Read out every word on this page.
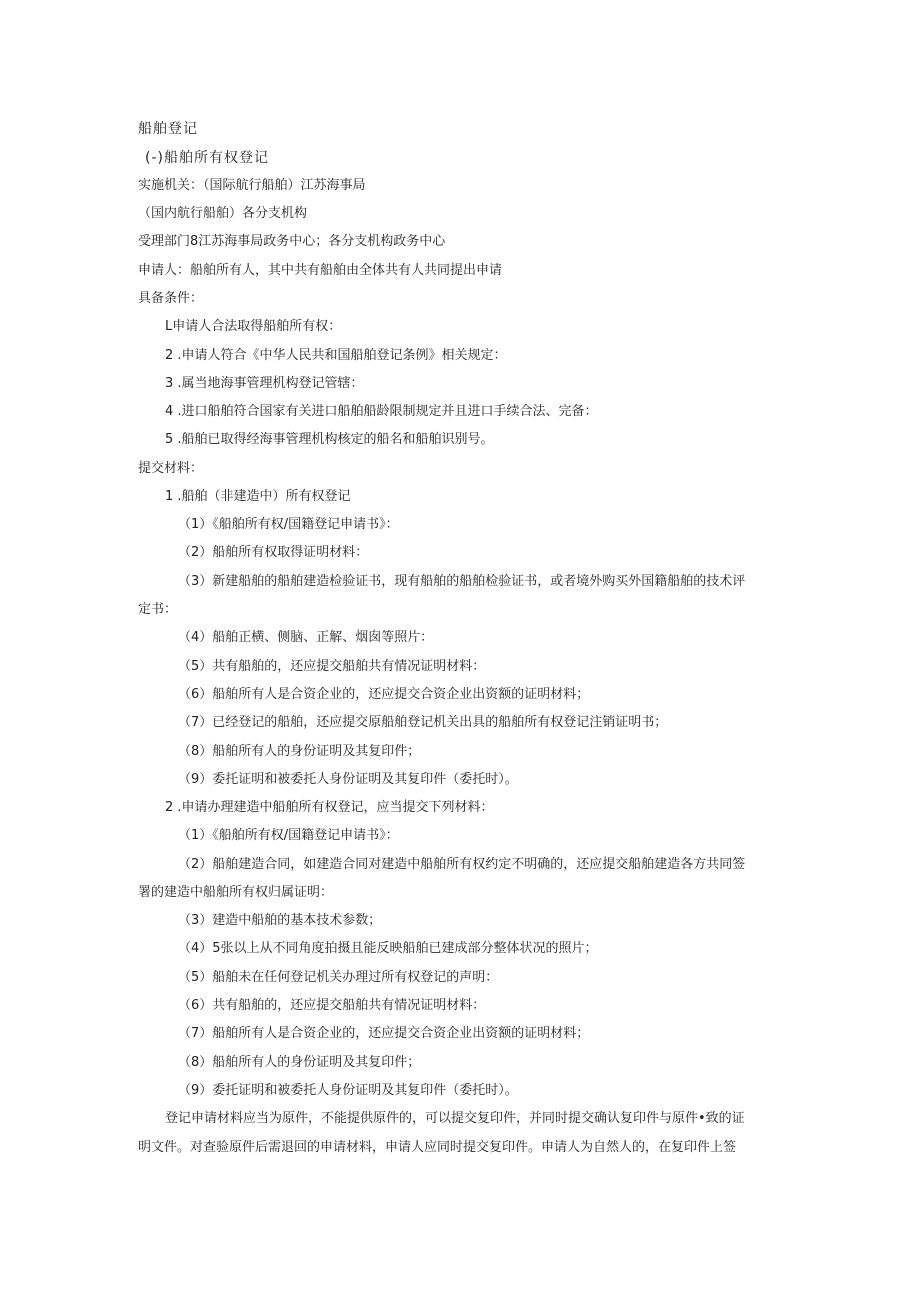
船舶登记
(-)船舶所有权登记
实施机关：（国际航行船舶）江苏海事局
（国内航行船舶）各分支机构
受理部门8江苏海事局政务中心；各分支机构政务中心
申请人：船舶所有人，其中共有船舶由全体共有人共同提出申请
具备条件：
L申请人合法取得船舶所有权：
2 .申请人符合《中华人民共和国船舶登记条例》相关规定：
3 .属当地海事管理机构登记管辖：
4 .进口船舶符合国家有关进口船舶船龄限制规定并且进口手续合法、完备：
5 .船舶已取得经海事管理机构核定的船名和船舶识别号。
提交材料：
1 .船舶（非建造中）所有权登记
（1）《船舶所有权/国籍登记申请书》：
（2）船舶所有权取得证明材料：
（3）新建船舶的船舶建造检验证书，现有船舶的船舶检验证书，或者境外购买外国籍船舶的技术评
定书：
（4）船舶正横、侧脑、正解、烟囱等照片：
（5）共有船舶的，还应提交船舶共有情况证明材料：
（6）船舶所有人是合资企业的，还应提交合资企业出资额的证明材料；
（7）已经登记的船舶，还应提交原船舶登记机关出具的船舶所有权登记注销证明书；
（8）船舶所有人的身份证明及其复印件；
（9）委托证明和被委托人身份证明及其复印件（委托时）。
2 .申请办理建造中船舶所有权登记，应当提交下列材料：
（1）《船舶所有权/国籍登记申请书》：
（2）船舶建造合同，如建造合同对建造中船舶所有权约定不明确的，还应提交船舶建造各方共同签
署的建造中船舶所有权归属证明：
（3）建造中船舶的基本技术参数；
（4）5张以上从不同角度拍摄且能反映船舶已建成部分整体状况的照片；
（5）船舶未在任何登记机关办理过所有权登记的声明：
（6）共有船舶的，还应提交船舶共有情况证明材料：
（7）船舶所有人是合资企业的，还应提交合资企业出资额的证明材料；
（8）船舶所有人的身份证明及其复印件；
（9）委托证明和被委托人身份证明及其复印件（委托时）。
登记申请材料应当为原件，不能提供原件的，可以提交复印件，并同时提交确认复印件与原件•致的证
明文件。对查验原件后需退回的申请材料，申请人应同时提交复印件。申请人为自然人的，在复印件上签
